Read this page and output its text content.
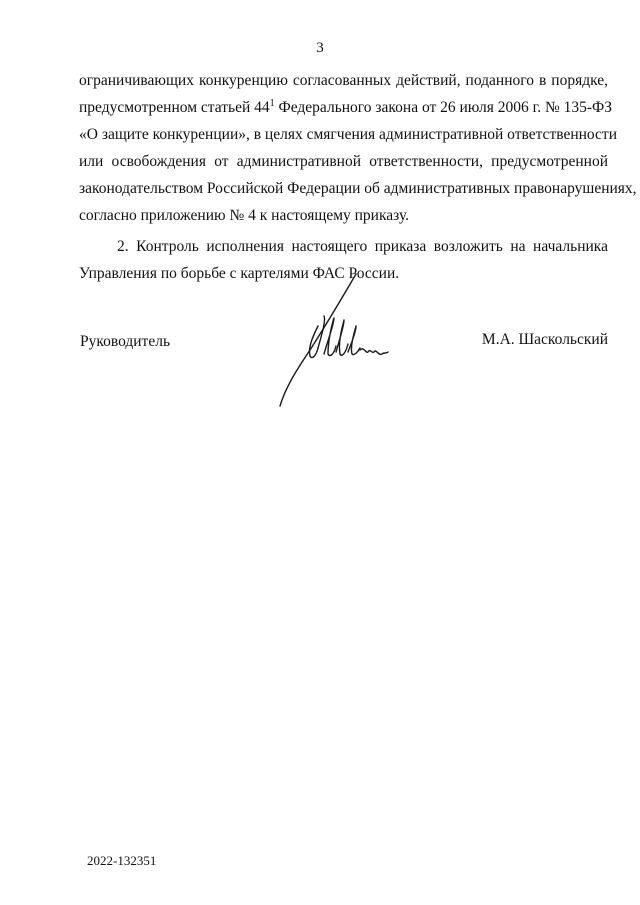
3

ограничивающих конкуренцию согласованных действий, поданного в порядке,
предусмотренном статьей $44^1$ Федерального закона от 26 июля 2006 г. № 135-ФЗ
«О защите конкуренции», в целях смягчения административной ответственности
или освобождения от административной ответственности, предусмотренной
законодательством Российской Федерации об административных правонарушениях,
согласно приложению № 4 к настоящему приказу.

2. Контроль исполнения настоящего приказа возложить на начальника
Управления по борьбе с картелями ФАС России.

Руководитель	М.А. Шаскольский
2022-132351
